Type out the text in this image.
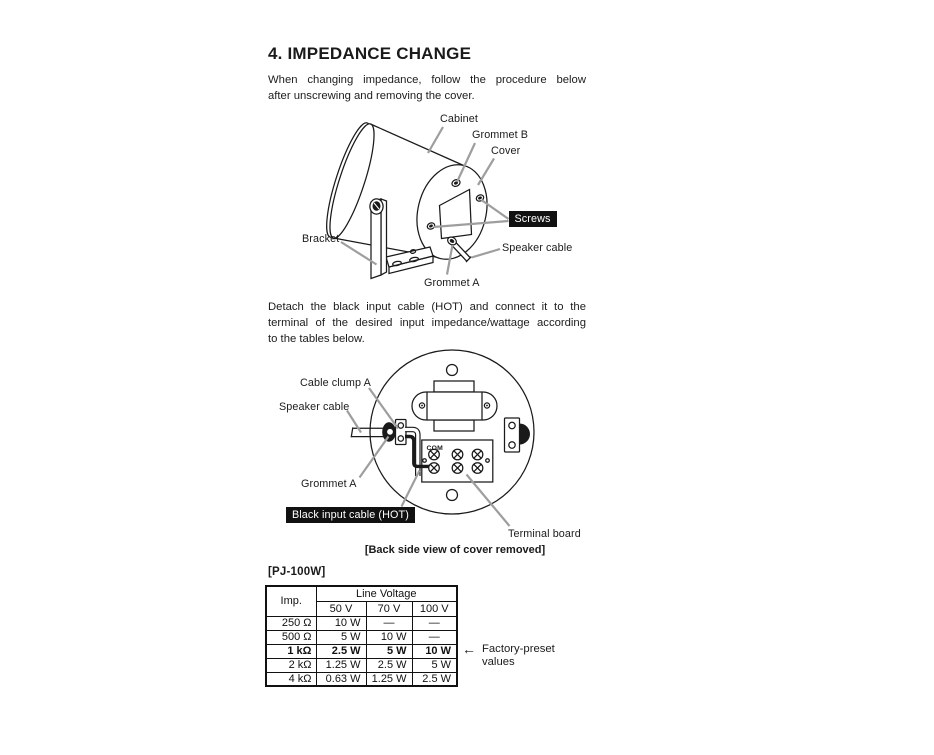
4. IMPEDANCE CHANGE
When changing impedance, follow the procedure below
after unscrewing and removing the cover.
Cabinet
Grommet B
Cover
Screws
Bracket
Speaker cable
Grommet A
Detach the black input cable (HOT) and connect it to the
terminal of the desired input impedance/wattage according
to the tables below.
COM
Cable clump A
Speaker cable
Grommet A
Black input cable (HOT)
Terminal board
[Back side view of cover removed]
[PJ-100W]
Imp.	Line Voltage		
	50 V	70 V	100 V
250 Ω	10 W	—	—
500 Ω	5 W	10 W	—
1 kΩ	2.5 W	5 W	10 W
2 kΩ	1.25 W	2.5 W	5 W
4 kΩ	0.63 W	1.25 W	2.5 W
← Factory-preset
values
